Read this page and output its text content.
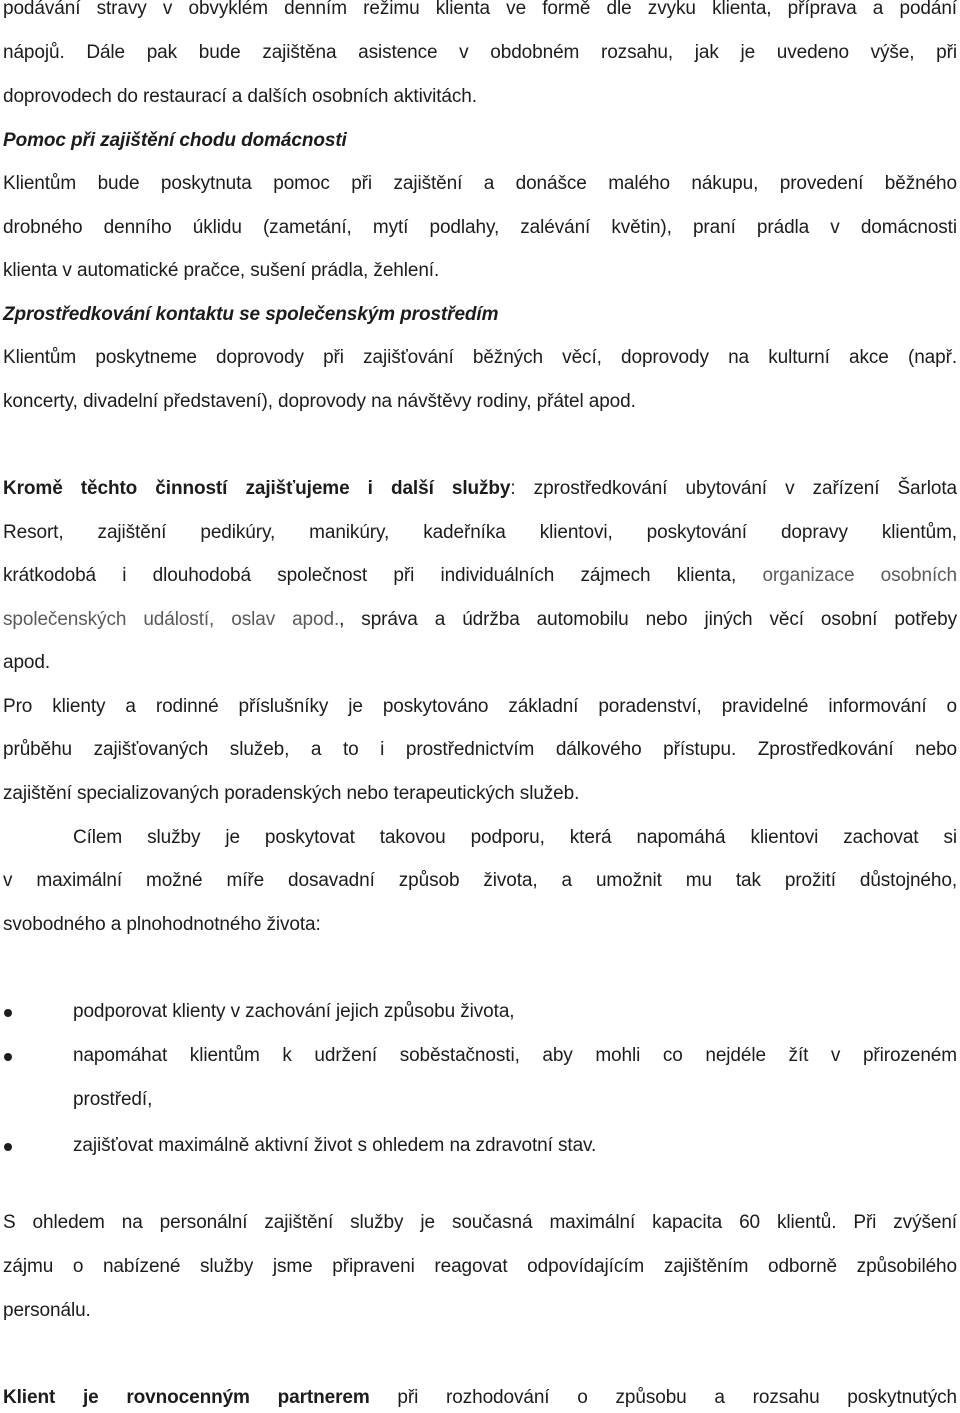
podávání stravy v obvyklém denním režimu klienta ve formě dle zvyku klienta, příprava a podání
nápojů. Dále pak bude zajištěna asistence v obdobném rozsahu, jak je uvedeno výše, při
doprovodech do restaurací a dalších osobních aktivitách.
Pomoc při zajištění chodu domácnosti
Klientům bude poskytnuta pomoc při zajištění a donášce malého nákupu, provedení běžného
drobného denního úklidu (zametání, mytí podlahy, zalévání květin), praní prádla v domácnosti
klienta v automatické pračce, sušení prádla, žehlení.
Zprostředkování kontaktu se společenským prostředím
Klientům poskytneme doprovody při zajišťování běžných věcí, doprovody na kulturní akce (např.
koncerty, divadelní představení), doprovody na návštěvy rodiny, přátel apod.
Kromě těchto činností zajišťujeme i další služby: zprostředkování ubytování v zařízení Šarlota
Resort, zajištění pedikúry, manikúry, kadeřníka klientovi, poskytování dopravy klientům,
krátkodobá i dlouhodobá společnost při individuálních zájmech klienta, organizace osobních
společenských událostí, oslav apod., správa a údržba automobilu nebo jiných věcí osobní potřeby
apod.
Pro klienty a rodinné příslušníky je poskytováno základní poradenství, pravidelné informování o
průběhu zajišťovaných služeb, a to i prostřednictvím dálkového přístupu. Zprostředkování nebo
zajištění specializovaných poradenských nebo terapeutických služeb.
Cílem služby je poskytovat takovou podporu, která napomáhá klientovi zachovat si
v maximální možné míře dosavadní způsob života, a umožnit mu tak prožití důstojného,
svobodného a plnohodnotného života:
podporovat klienty v zachování jejich způsobu života,
napomáhat klientům k udržení soběstačnosti, aby mohli co nejdéle žít v přirozeném
prostředí,
zajišťovat maximálně aktivní život s ohledem na zdravotní stav.
S ohledem na personální zajištění služby je současná maximální kapacita 60 klientů. Při zvýšení
zájmu o nabízené služby jsme připraveni reagovat odpovídajícím zajištěním odborně způsobilého
personálu.
Klient je rovnocenným partnerem při rozhodování o způsobu a rozsahu poskytnutých
